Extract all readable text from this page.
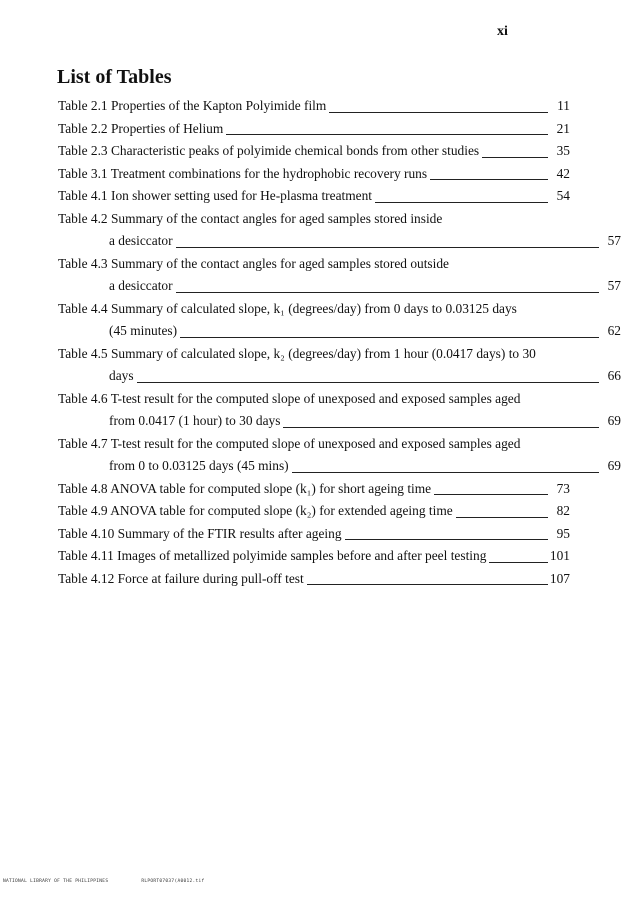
xi
List of Tables
Table 2.1 Properties of the Kapton Polyimide film	11
Table 2.2 Properties of Helium	21
Table 2.3 Characteristic peaks of polyimide chemical bonds from other studies	35
Table 3.1 Treatment combinations for the hydrophobic recovery runs	42
Table 4.1 Ion shower setting used for He-plasma treatment	54
Table 4.2 Summary of the contact angles for aged samples stored inside
a desiccator	57
Table 4.3 Summary of the contact angles for aged samples stored outside
a desiccator	57
Table 4.4 Summary of calculated slope, k₁ (degrees/day) from 0 days to 0.03125 days
(45 minutes)	62
Table 4.5 Summary of calculated slope, k₂ (degrees/day) from 1 hour (0.0417 days) to 30
days	66
Table 4.6 T-test result for the computed slope of unexposed and exposed samples aged
from 0.0417 (1 hour) to 30 days	69
Table 4.7 T-test result for the computed slope of unexposed and exposed samples aged
from 0 to 0.03125 days (45 mins)	69
Table 4.8 ANOVA table for computed slope (k₁) for short ageing time	73
Table 4.9 ANOVA table for computed slope (k₂) for extended ageing time	82
Table 4.10 Summary of the FTIR results after ageing	95
Table 4.11 Images of metallized polyimide samples before and after peel testing	101
Table 4.12 Force at failure during pull-off test	107
NATIONAL LIBRARY OF THE PHILIPPINES	RLPORT07037(A0012.tif
